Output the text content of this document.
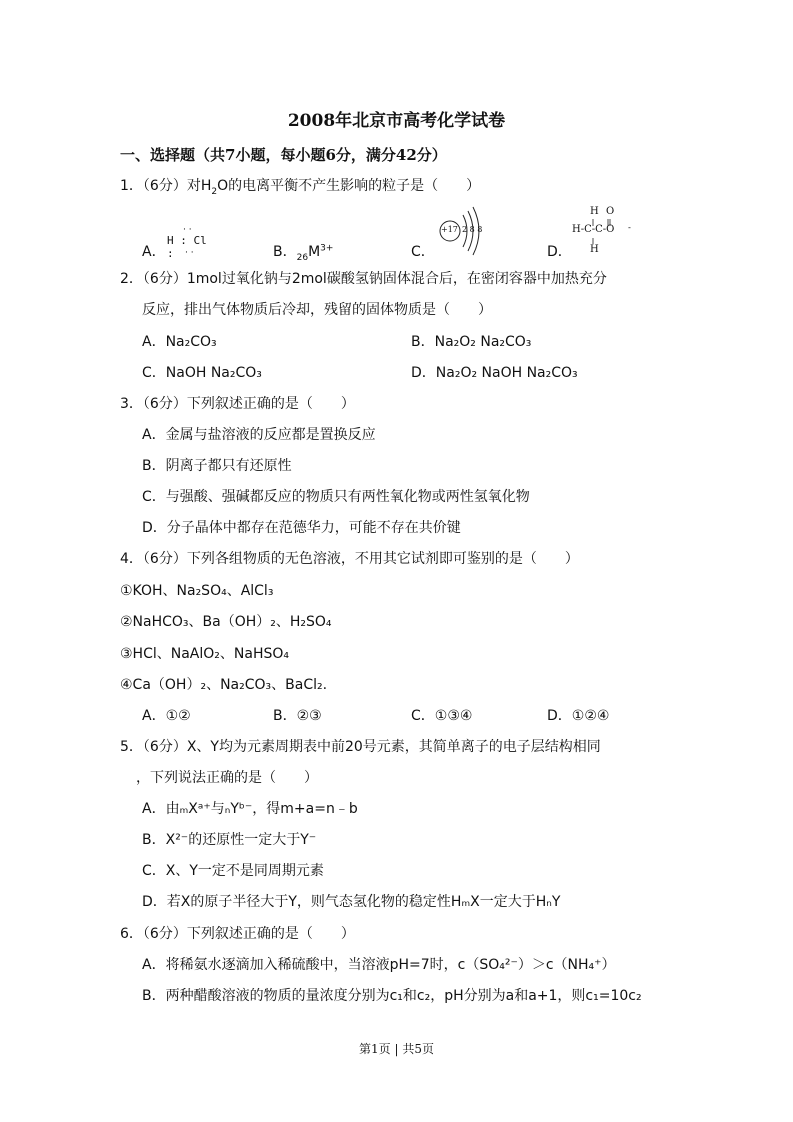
2008年北京市高考化学试卷
一、选择题（共7小题，每小题6分，满分42分）
1．（6分）对$H_2O$的电离平衡不产生影响的粒子是（　　）
A．
· ·
· ·
H : Cl :	B．$_{26}M^{3+}$	C．
+17 2 8 8
D．
H O
-
H-C-C-O
H
2．（6分）1mol过氧化钠与2mol碳酸氢钠固体混合后，在密闭容器中加热充分
反应，排出气体物质后冷却，残留的固体物质是（　　）
A．Na₂CO₃	B．Na₂O₂ Na₂CO₃
C．NaOH Na₂CO₃	D．Na₂O₂ NaOH Na₂CO₃
3．（6分）下列叙述正确的是（　　）
A．金属与盐溶液的反应都是置换反应
B．阴离子都只有还原性
C．与强酸、强碱都反应的物质只有两性氧化物或两性氢氧化物
D．分子晶体中都存在范德华力，可能不存在共价键
4．（6分）下列各组物质的无色溶液，不用其它试剂即可鉴别的是（　　）
①KOH、Na₂SO₄、AlCl₃
②NaHCO₃、Ba（OH）₂、H₂SO₄
③HCl、NaAlO₂、NaHSO₄
④Ca（OH）₂、Na₂CO₃、BaCl₂.
A．①②	B．②③	C．①③④	D．①②④
5．（6分）X、Y均为元素周期表中前20号元素，其简单离子的电子层结构相同
，下列说法正确的是（　　）
A．由ₘXᵃ⁺与ₙYᵇ⁻，得m+a=n﹣b
B．X²⁻的还原性一定大于Y⁻
C．X、Y一定不是同周期元素
D．若X的原子半径大于Y，则气态氢化物的稳定性HₘX一定大于HₙY
6．（6分）下列叙述正确的是（　　）
A．将稀氨水逐滴加入稀硫酸中，当溶液pH=7时，c（SO₄²⁻）＞c（NH₄⁺）
B．两种醋酸溶液的物质的量浓度分别为c₁和c₂，pH分别为a和a+1，则c₁=10c₂
第1页 | 共5页
